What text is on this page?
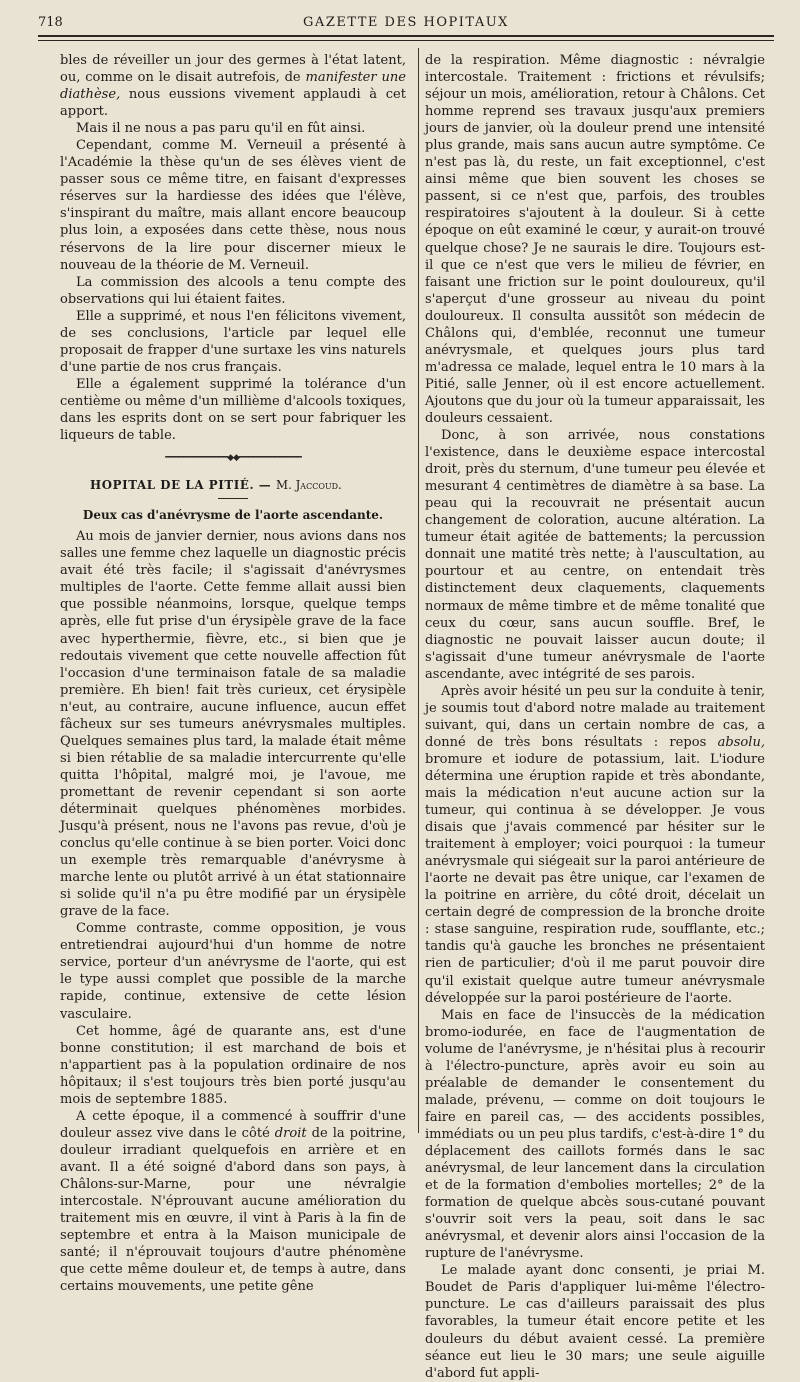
718	GAZETTE DES HOPITAUX

bles de réveiller un jour des germes à l'état latent, ou, comme on le disait autrefois, de manifester une diathèse, nous eussions vivement applaudi à cet apport.

Mais il ne nous a pas paru qu'il en fût ainsi.

Cependant, comme M. Verneuil a présenté à l'Académie la thèse qu'un de ses élèves vient de passer sous ce même titre, en faisant d'expresses réserves sur la hardiesse des idées que l'élève, s'inspirant du maître, mais allant encore beaucoup plus loin, a exposées dans cette thèse, nous nous réservons de la lire pour discerner mieux le nouveau de la théorie de M. Verneuil.

La commission des alcools a tenu compte des observations qui lui étaient faites.

Elle a supprimé, et nous l'en félicitons vivement, de ses conclusions, l'article par lequel elle proposait de frapper d'une surtaxe les vins naturels d'une partie de nos crus français.

Elle a également supprimé la tolérance d'un centième ou même d'un millième d'alcools toxiques, dans les esprits dont on se sert pour fabriquer les liqueurs de table.

━━━━━━━━━━━━━━◆◆━━━━━━━━━━━━━━
HOPITAL DE LA PITIÉ. — M. Jaccoud.
Deux cas d'anévrysme de l'aorte ascendante.

Au mois de janvier dernier, nous avions dans nos salles une femme chez laquelle un diagnostic précis avait été très facile; il s'agissait d'anévrysmes multiples de l'aorte. Cette femme allait aussi bien que possible néanmoins, lorsque, quelque temps après, elle fut prise d'un érysipèle grave de la face avec hyperthermie, fièvre, etc., si bien que je redoutais vivement que cette nouvelle affection fût l'occasion d'une terminaison fatale de sa maladie première. Eh bien! fait très curieux, cet érysipèle n'eut, au contraire, aucune influence, aucun effet fâcheux sur ses tumeurs anévrysmales multiples. Quelques semaines plus tard, la malade était même si bien rétablie de sa maladie intercurrente qu'elle quitta l'hôpital, malgré moi, je l'avoue, me promettant de revenir cependant si son aorte déterminait quelques phénomènes morbides. Jusqu'à présent, nous ne l'avons pas revue, d'où je conclus qu'elle continue à se bien porter. Voici donc un exemple très remarquable d'anévrysme à marche lente ou plutôt arrivé à un état stationnaire si solide qu'il n'a pu être modifié par un érysipèle grave de la face.

Comme contraste, comme opposition, je vous entretiendrai aujourd'hui d'un homme de notre service, porteur d'un anévrysme de l'aorte, qui est le type aussi complet que possible de la marche rapide, continue, extensive de cette lésion vasculaire.

Cet homme, âgé de quarante ans, est d'une bonne constitution; il est marchand de bois et n'appartient pas à la population ordinaire de nos hôpitaux; il s'est toujours très bien porté jusqu'au mois de septembre 1885.

A cette époque, il a commencé à souffrir d'une douleur assez vive dans le côté droit de la poitrine, douleur irradiant quelquefois en arrière et en avant. Il a été soigné d'abord dans son pays, à Châlons-sur-Marne, pour une névralgie intercostale. N'éprouvant aucune amélioration du traitement mis en œuvre, il vint à Paris à la fin de septembre et entra à la Maison municipale de santé; il n'éprouvait toujours d'autre phénomène que cette même douleur et, de temps à autre, dans certains mouvements, une petite gêne

de la respiration. Même diagnostic : névralgie intercostale. Traitement : frictions et révulsifs; séjour un mois, amélioration, retour à Châlons. Cet homme reprend ses travaux jusqu'aux premiers jours de janvier, où la douleur prend une intensité plus grande, mais sans aucun autre symptôme. Ce n'est pas là, du reste, un fait exceptionnel, c'est ainsi même que bien souvent les choses se passent, si ce n'est que, parfois, des troubles respiratoires s'ajoutent à la douleur. Si à cette époque on eût examiné le cœur, y aurait-on trouvé quelque chose? Je ne saurais le dire. Toujours est-il que ce n'est que vers le milieu de février, en faisant une friction sur le point douloureux, qu'il s'aperçut d'une grosseur au niveau du point douloureux. Il consulta aussitôt son médecin de Châlons qui, d'emblée, reconnut une tumeur anévrysmale, et quelques jours plus tard m'adressa ce malade, lequel entra le 10 mars à la Pitié, salle Jenner, où il est encore actuellement. Ajoutons que du jour où la tumeur apparaissait, les douleurs cessaient.

Donc, à son arrivée, nous constations l'existence, dans le deuxième espace intercostal droit, près du sternum, d'une tumeur peu élevée et mesurant 4 centimètres de diamètre à sa base. La peau qui la recouvrait ne présentait aucun changement de coloration, aucune altération. La tumeur était agitée de battements; la percussion donnait une matité très nette; à l'auscultation, au pourtour et au centre, on entendait très distinctement deux claquements, claquements normaux de même timbre et de même tonalité que ceux du cœur, sans aucun souffle. Bref, le diagnostic ne pouvait laisser aucun doute; il s'agissait d'une tumeur anévrysmale de l'aorte ascendante, avec intégrité de ses parois.

Après avoir hésité un peu sur la conduite à tenir, je soumis tout d'abord notre malade au traitement suivant, qui, dans un certain nombre de cas, a donné de très bons résultats : repos absolu, bromure et iodure de potassium, lait. L'iodure détermina une éruption rapide et très abondante, mais la médication n'eut aucune action sur la tumeur, qui continua à se développer. Je vous disais que j'avais commencé par hésiter sur le traitement à employer; voici pourquoi : la tumeur anévrysmale qui siégeait sur la paroi antérieure de l'aorte ne devait pas être unique, car l'examen de la poitrine en arrière, du côté droit, décelait un certain degré de compression de la bronche droite : stase sanguine, respiration rude, soufflante, etc.; tandis qu'à gauche les bronches ne présentaient rien de particulier; d'où il me parut pouvoir dire qu'il existait quelque autre tumeur anévrysmale développée sur la paroi postérieure de l'aorte.

Mais en face de l'insuccès de la médication bromo-iodurée, en face de l'augmentation de volume de l'anévrysme, je n'hésitai plus à recourir à l'électro-puncture, après avoir eu soin au préalable de demander le consentement du malade, prévenu, — comme on doit toujours le faire en pareil cas, — des accidents possibles, immédiats ou un peu plus tardifs, c'est-à-dire 1° du déplacement des caillots formés dans le sac anévrysmal, de leur lancement dans la circulation et de la formation d'embolies mortelles; 2° de la formation de quelque abcès sous-cutané pouvant s'ouvrir soit vers la peau, soit dans le sac anévrysmal, et devenir alors ainsi l'occasion de la rupture de l'anévrysme.

Le malade ayant donc consenti, je priai M. Boudet de Paris d'appliquer lui-même l'électro-puncture. Le cas d'ailleurs paraissait des plus favorables, la tumeur était encore petite et les douleurs du début avaient cessé. La première séance eut lieu le 30 mars; une seule aiguille d'abord fut appli-
